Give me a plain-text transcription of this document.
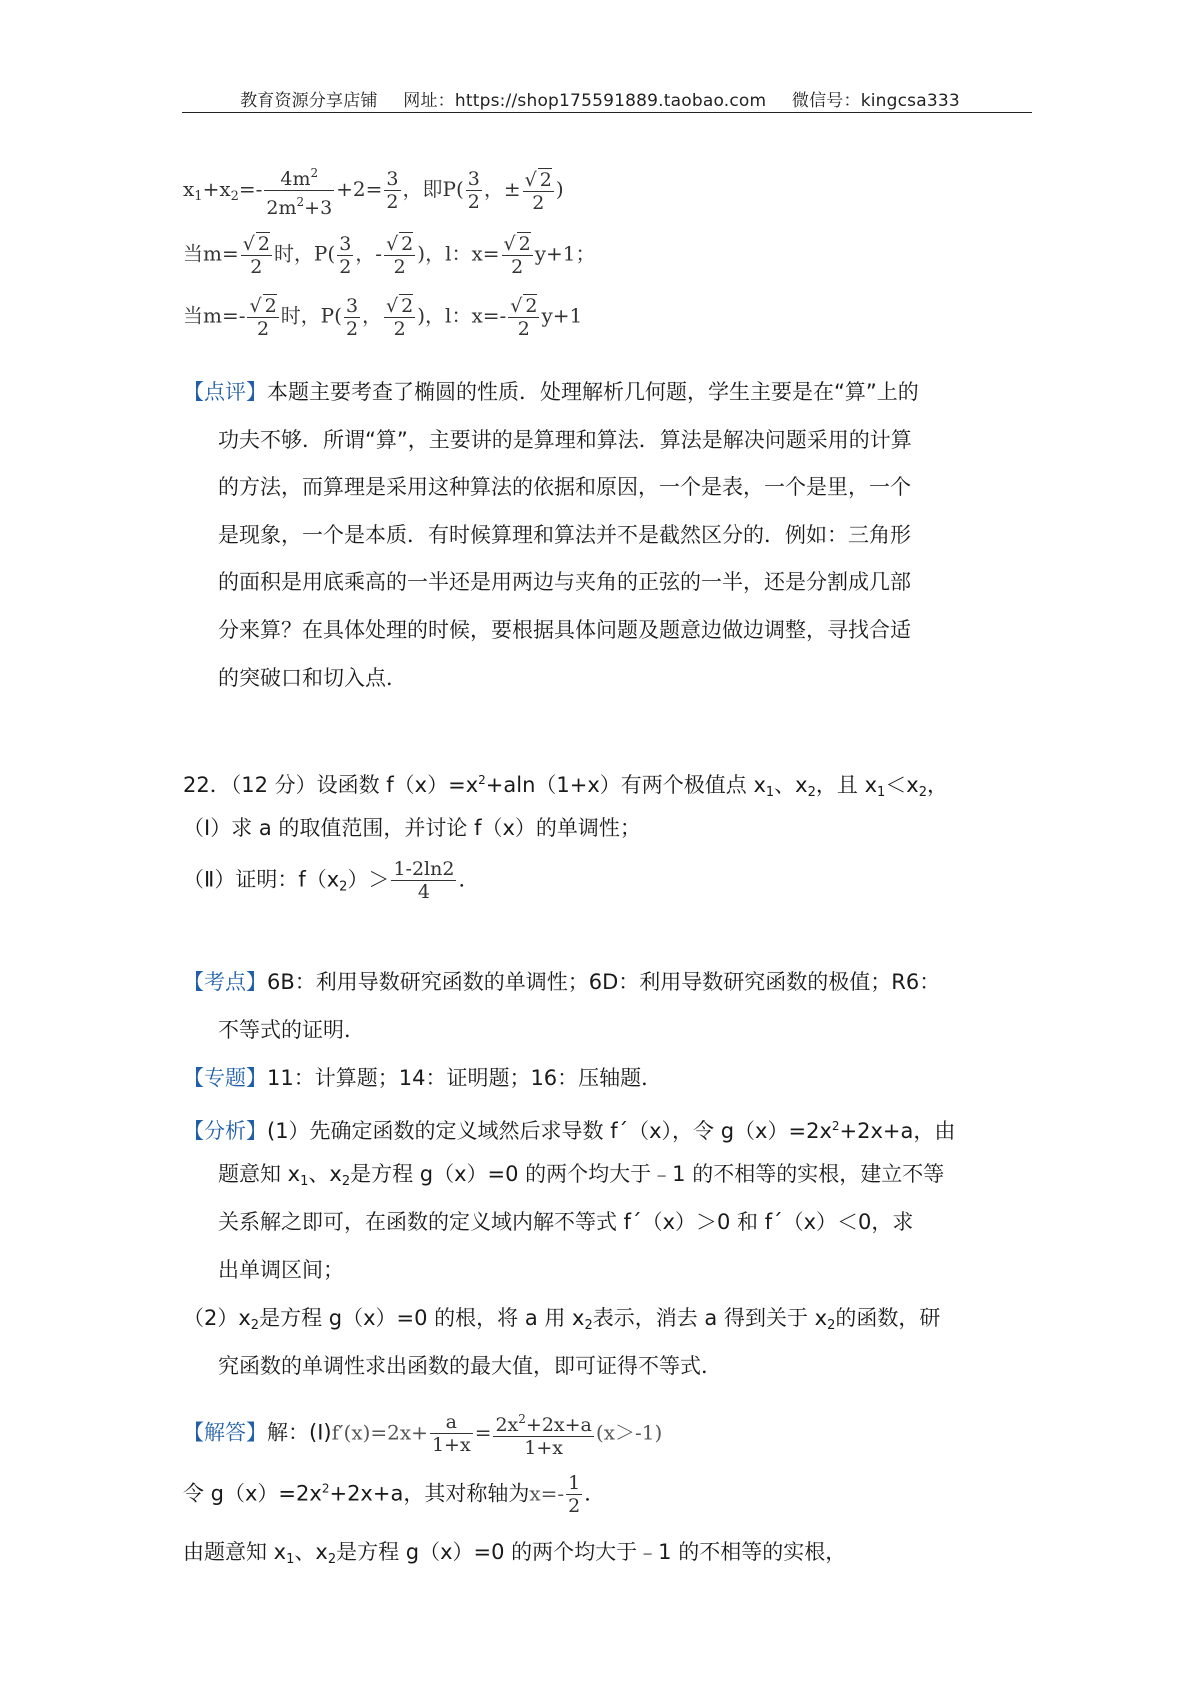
教育资源分享店铺 网址：https://shop175591889.taobao.com 微信号：kingcsa333
$x_1+x_2=- \frac{4m^2}{2m^2+3} +2= \frac{3}{2}$ ，即$P( \frac{3}{2}$ ，± $\frac{√ 2}{2}$ )
当$m= \frac{√ 2}{2}$ 时，$P( \frac{3}{2}$ ，- $\frac{√ 2}{2}$ )，l：$x= \frac{√ 2}{2} y+1$；
当$m=- \frac{√ 2}{2}$ 时，$P( \frac{3}{2}$ ， $\frac{√ 2}{2}$ )，l：$x=- \frac{√ 2}{2} y+1$
【点评】本题主要考查了椭圆的性质．处理解析几何题，学生主要是在“算”上的
功夫不够．所谓“算”，主要讲的是算理和算法．算法是解决问题采用的计算
的方法，而算理是采用这种算法的依据和原因，一个是表，一个是里，一个
是现象，一个是本质．有时候算理和算法并不是截然区分的．例如：三角形
的面积是用底乘高的一半还是用两边与夹角的正弦的一半，还是分割成几部
分来算？在具体处理的时候，要根据具体问题及题意边做边调整，寻找合适
的突破口和切入点．
22．（12 分）设函数 $f(x)=x^2+aln(1+x)$有两个极值点 $x_1$、$x_2$，且 $x_1<x_2$，
（Ⅰ）求 a 的取值范围，并讨论 f（x）的单调性；
（Ⅱ）证明：$f(x_2)> \frac{1-2\ln 2}{4}$ ．
【考点】6B：利用导数研究函数的单调性；6D：利用导数研究函数的极值；R6：
不等式的证明．
【专题】11：计算题；14：证明题；16：压轴题．
【分析】(1）先确定函数的定义域然后求导数 f´（x），令 $g(x)=2x^2+2x+a$，由
题意知 $x_1$、$x_2$是方程 g（x）=0 的两个均大于﹣1 的不相等的实根，建立不等
关系解之即可，在函数的定义域内解不等式 f´（x）＞0 和 f´（x）＜0，求
出单调区间；
$(2)x_2$是方程 g（x）=0 的根，将 a 用 $x_2$表示，消去 a 得到关于 $x_2$的函数，研
究函数的单调性求出函数的最大值，即可证得不等式．
【解答】解：(Ⅰ)f′(x)=2x+ $\frac{a}{1+x} = \frac{2x^2+2x+a}{1+x} (x>-1)$
令 $g(x)=2x^2+2x+a$，其对称轴为$x=- \frac{1}{2}$ ．
由题意知 $x_1$、$x_2$是方程 g（x）=0 的两个均大于﹣1 的不相等的实根，
